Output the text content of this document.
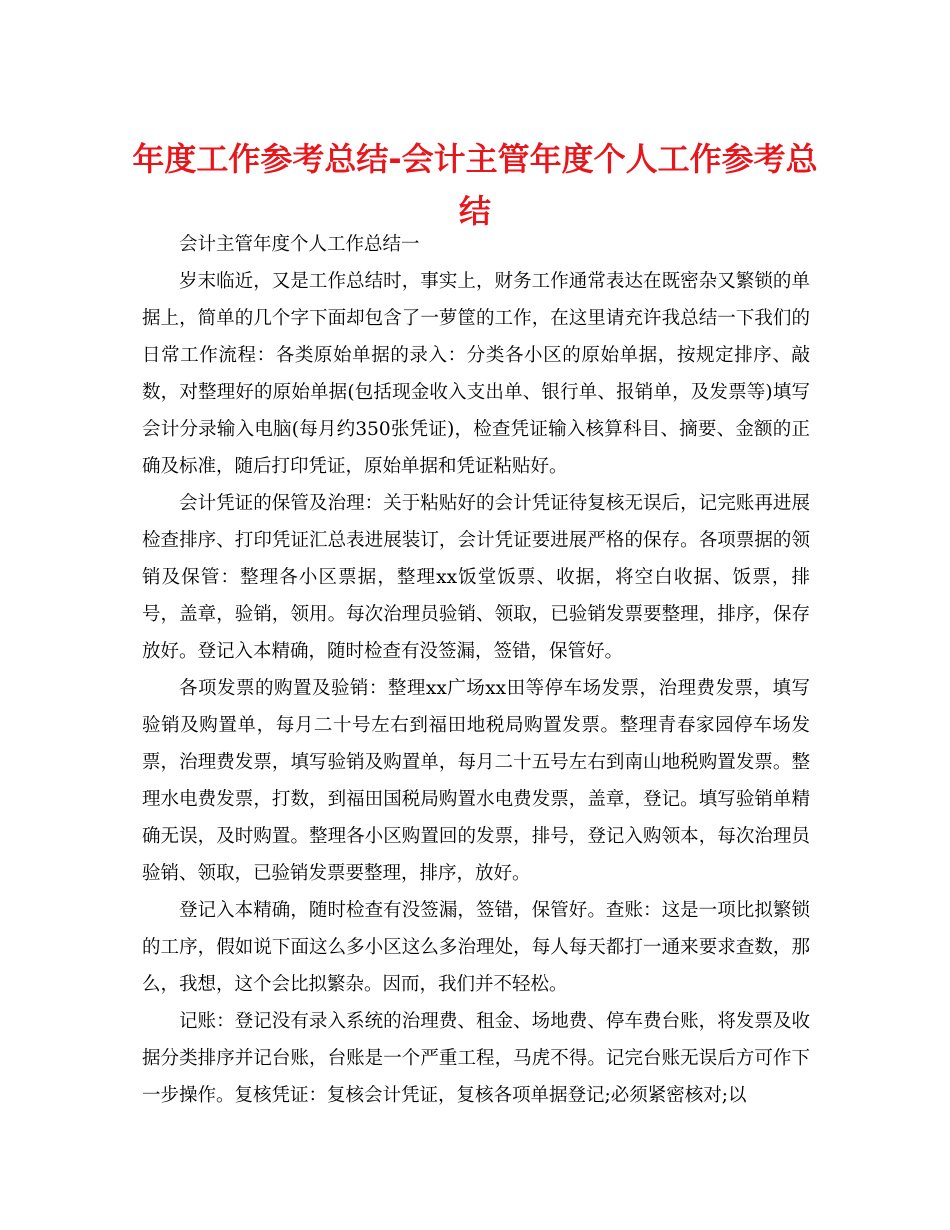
年度工作参考总结-会计主管年度个人工作参考总结

会计主管年度个人工作总结一

岁末临近，又是工作总结时，事实上，财务工作通常表达在既密杂又繁锁的单据上，简单的几个字下面却包含了一萝筐的工作，在这里请充许我总结一下我们的日常工作流程：各类原始单据的录入：分类各小区的原始单据，按规定排序、敲数，对整理好的原始单据(包括现金收入支出单、银行单、报销单，及发票等)填写会计分录输入电脑(每月约350张凭证)，检查凭证输入核算科目、摘要、金额的正确及标准，随后打印凭证，原始单据和凭证粘贴好。

会计凭证的保管及治理：关于粘贴好的会计凭证待复核无误后，记完账再进展检查排序、打印凭证汇总表进展装订，会计凭证要进展严格的保存。各项票据的领销及保管：整理各小区票据，整理xx饭堂饭票、收据，将空白收据、饭票，排号，盖章，验销，领用。每次治理员验销、领取，已验销发票要整理，排序，保存放好。登记入本精确，随时检查有没签漏，签错，保管好。

各项发票的购置及验销：整理xx广场xx田等停车场发票，治理费发票，填写验销及购置单，每月二十号左右到福田地税局购置发票。整理青春家园停车场发票，治理费发票，填写验销及购置单，每月二十五号左右到南山地税购置发票。整理水电费发票，打数，到福田国税局购置水电费发票，盖章，登记。填写验销单精确无误，及时购置。整理各小区购置回的发票，排号，登记入购领本，每次治理员验销、领取，已验销发票要整理，排序，放好。

登记入本精确，随时检查有没签漏，签错，保管好。查账：这是一项比拟繁锁的工序，假如说下面这么多小区这么多治理处，每人每天都打一通来要求查数，那么，我想，这个会比拟繁杂。因而，我们并不轻松。

记账：登记没有录入系统的治理费、租金、场地费、停车费台账，将发票及收据分类排序并记台账，台账是一个严重工程，马虎不得。记完台账无误后方可作下一步操作。复核凭证：复核会计凭证，复核各项单据登记;必须紧密核对;以
